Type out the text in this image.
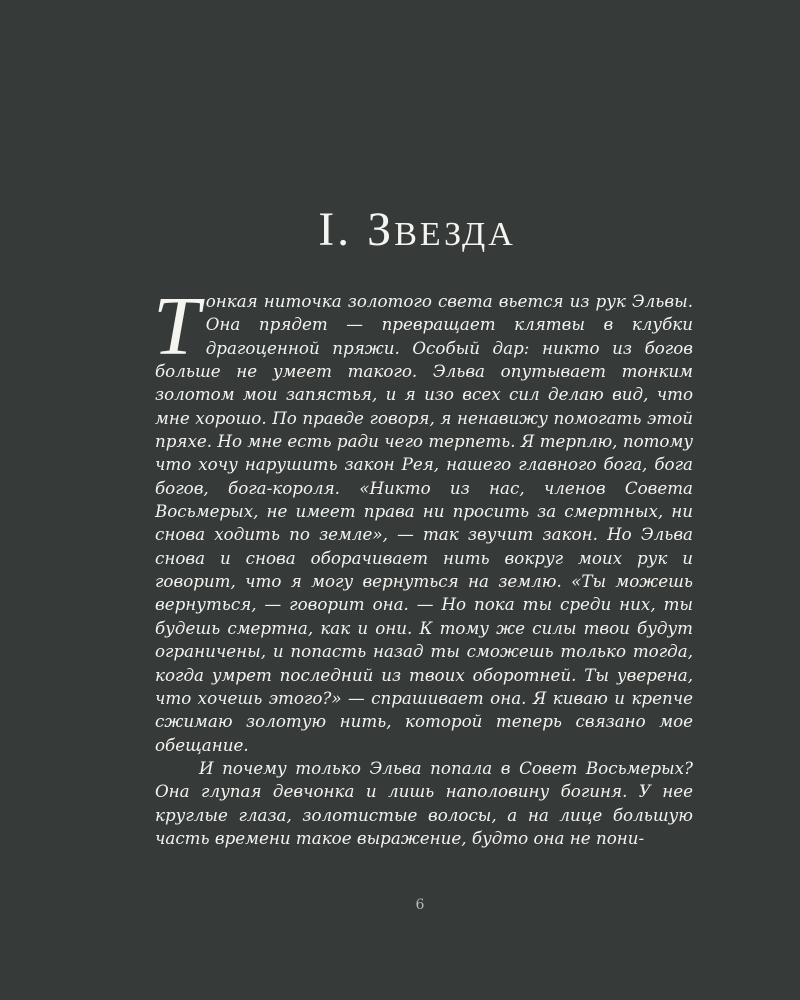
I. Звезда

Тонкая ниточка золотого света вьется из рук Эльвы. Она прядет — превращает клятвы в клубки драгоценной пряжи. Особый дар: никто из богов больше не умеет такого. Эльва опутывает тонким золотом мои запястья, и я изо всех сил делаю вид, что мне хорошо. По правде говоря, я ненавижу помогать этой пряхе. Но мне есть ради чего терпеть. Я терплю, потому что хочу нарушить закон Рея, нашего главного бога, бога богов, бога-короля. «Никто из нас, членов Совета Восьмерых, не имеет права ни просить за смертных, ни снова ходить по земле», — так звучит закон. Но Эльва снова и снова оборачивает нить вокруг моих рук и говорит, что я могу вернуться на землю. «Ты можешь вернуться, — говорит она. — Но пока ты среди них, ты будешь смертна, как и они. К тому же силы твои будут ограничены, и попасть назад ты сможешь только тогда, когда умрет последний из твоих оборотней. Ты уверена, что хочешь этого?» — спрашивает она. Я киваю и крепче сжимаю золотую нить, которой теперь связано мое обещание.

И почему только Эльва попала в Совет Восьмерых? Она глупая девчонка и лишь наполовину богиня. У нее круглые глаза, золотистые волосы, а на лице большую часть времени такое выражение, будто она не пони-

6
